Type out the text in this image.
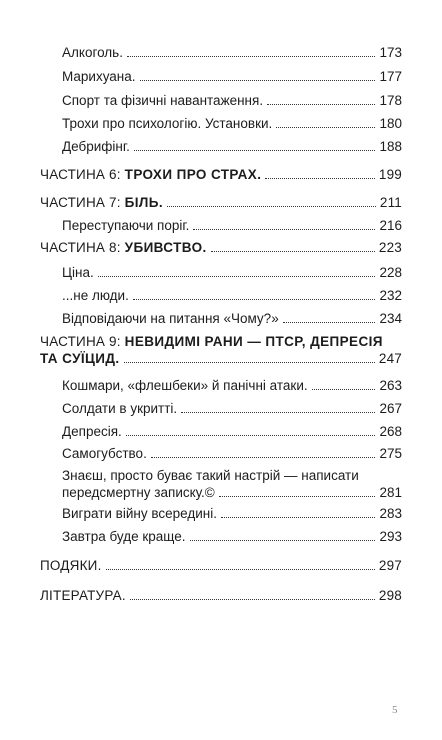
Алкоголь.	173
Марихуана.	177
Спорт та фізичні навантаження.	178
Трохи про психологію. Установки.	180
Дебрифінг.	188
ЧАСТИНА 6: ТРОХИ ПРО СТРАХ.	199
ЧАСТИНА 7: БІЛЬ.	211
Переступаючи поріг.	216
ЧАСТИНА 8: УБИВСТВО.	223
Ціна.	228
...не люди.	232
Відповідаючи на питання «Чому?»	234
ЧАСТИНА 9: НЕВИДИМІ РАНИ — ПТСР, ДЕПРЕСІЯ
ТА СУЇЦИД.	247
Кошмари, «флешбеки» й панічні атаки.	263
Солдати в укритті.	267
Депресія.	268
Самогубство.	275
Знаєш, просто буває такий настрій — написати
передсмертну записку.©	281
Виграти війну всередині.	283
Завтра буде краще.	293
ПОДЯКИ.	297
ЛІТЕРАТУРА.	298
5
